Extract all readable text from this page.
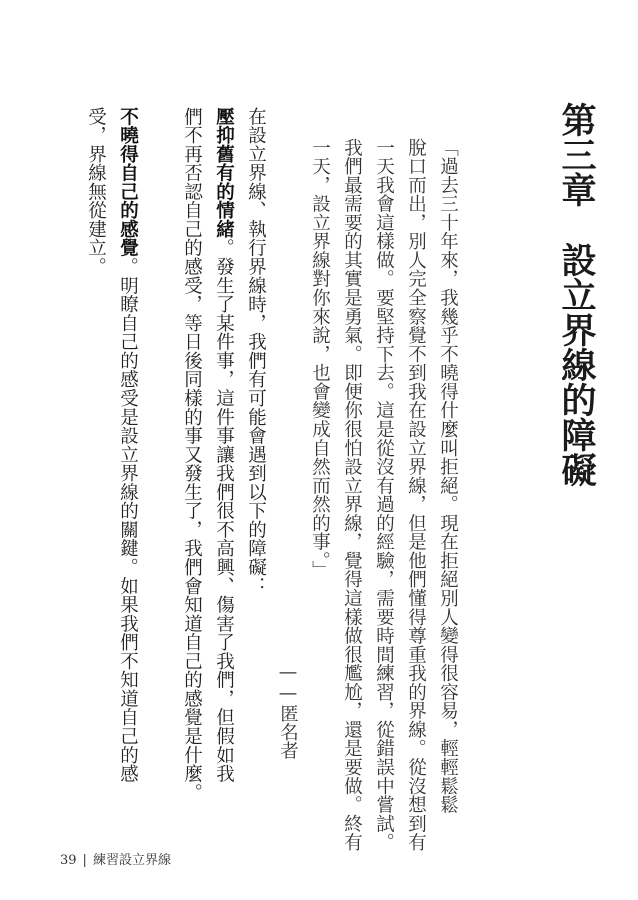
第三章　設立界線的障礙
「過去三十年來，我幾乎不曉得什麼叫拒絕。現在拒絕別人變得很容易，輕輕鬆鬆
脫口而出，別人完全察覺不到我在設立界線，但是他們懂得尊重我的界線。從沒想到有
一天我會這樣做。要堅持下去。這是從沒有過的經驗，需要時間練習，從錯誤中嘗試。
我們最需要的其實是勇氣。即便你很怕設立界線，覺得這樣做很尷尬，還是要做。終有
一天，設立界線對你來說，也會變成自然而然的事。」
——匿名者
在設立界線、執行界線時，我們有可能會遇到以下的障礙：
壓抑舊有的情緒。發生了某件事，這件事讓我們很不高興、傷害了我們，但假如我
們不再否認自己的感受，等日後同樣的事又發生了，我們會知道自己的感覺是什麼。
不曉得自己的感覺。明瞭自己的感受是設立界線的關鍵。如果我們不知道自己的感
受，界線無從建立。
39 | 練習設立界線
